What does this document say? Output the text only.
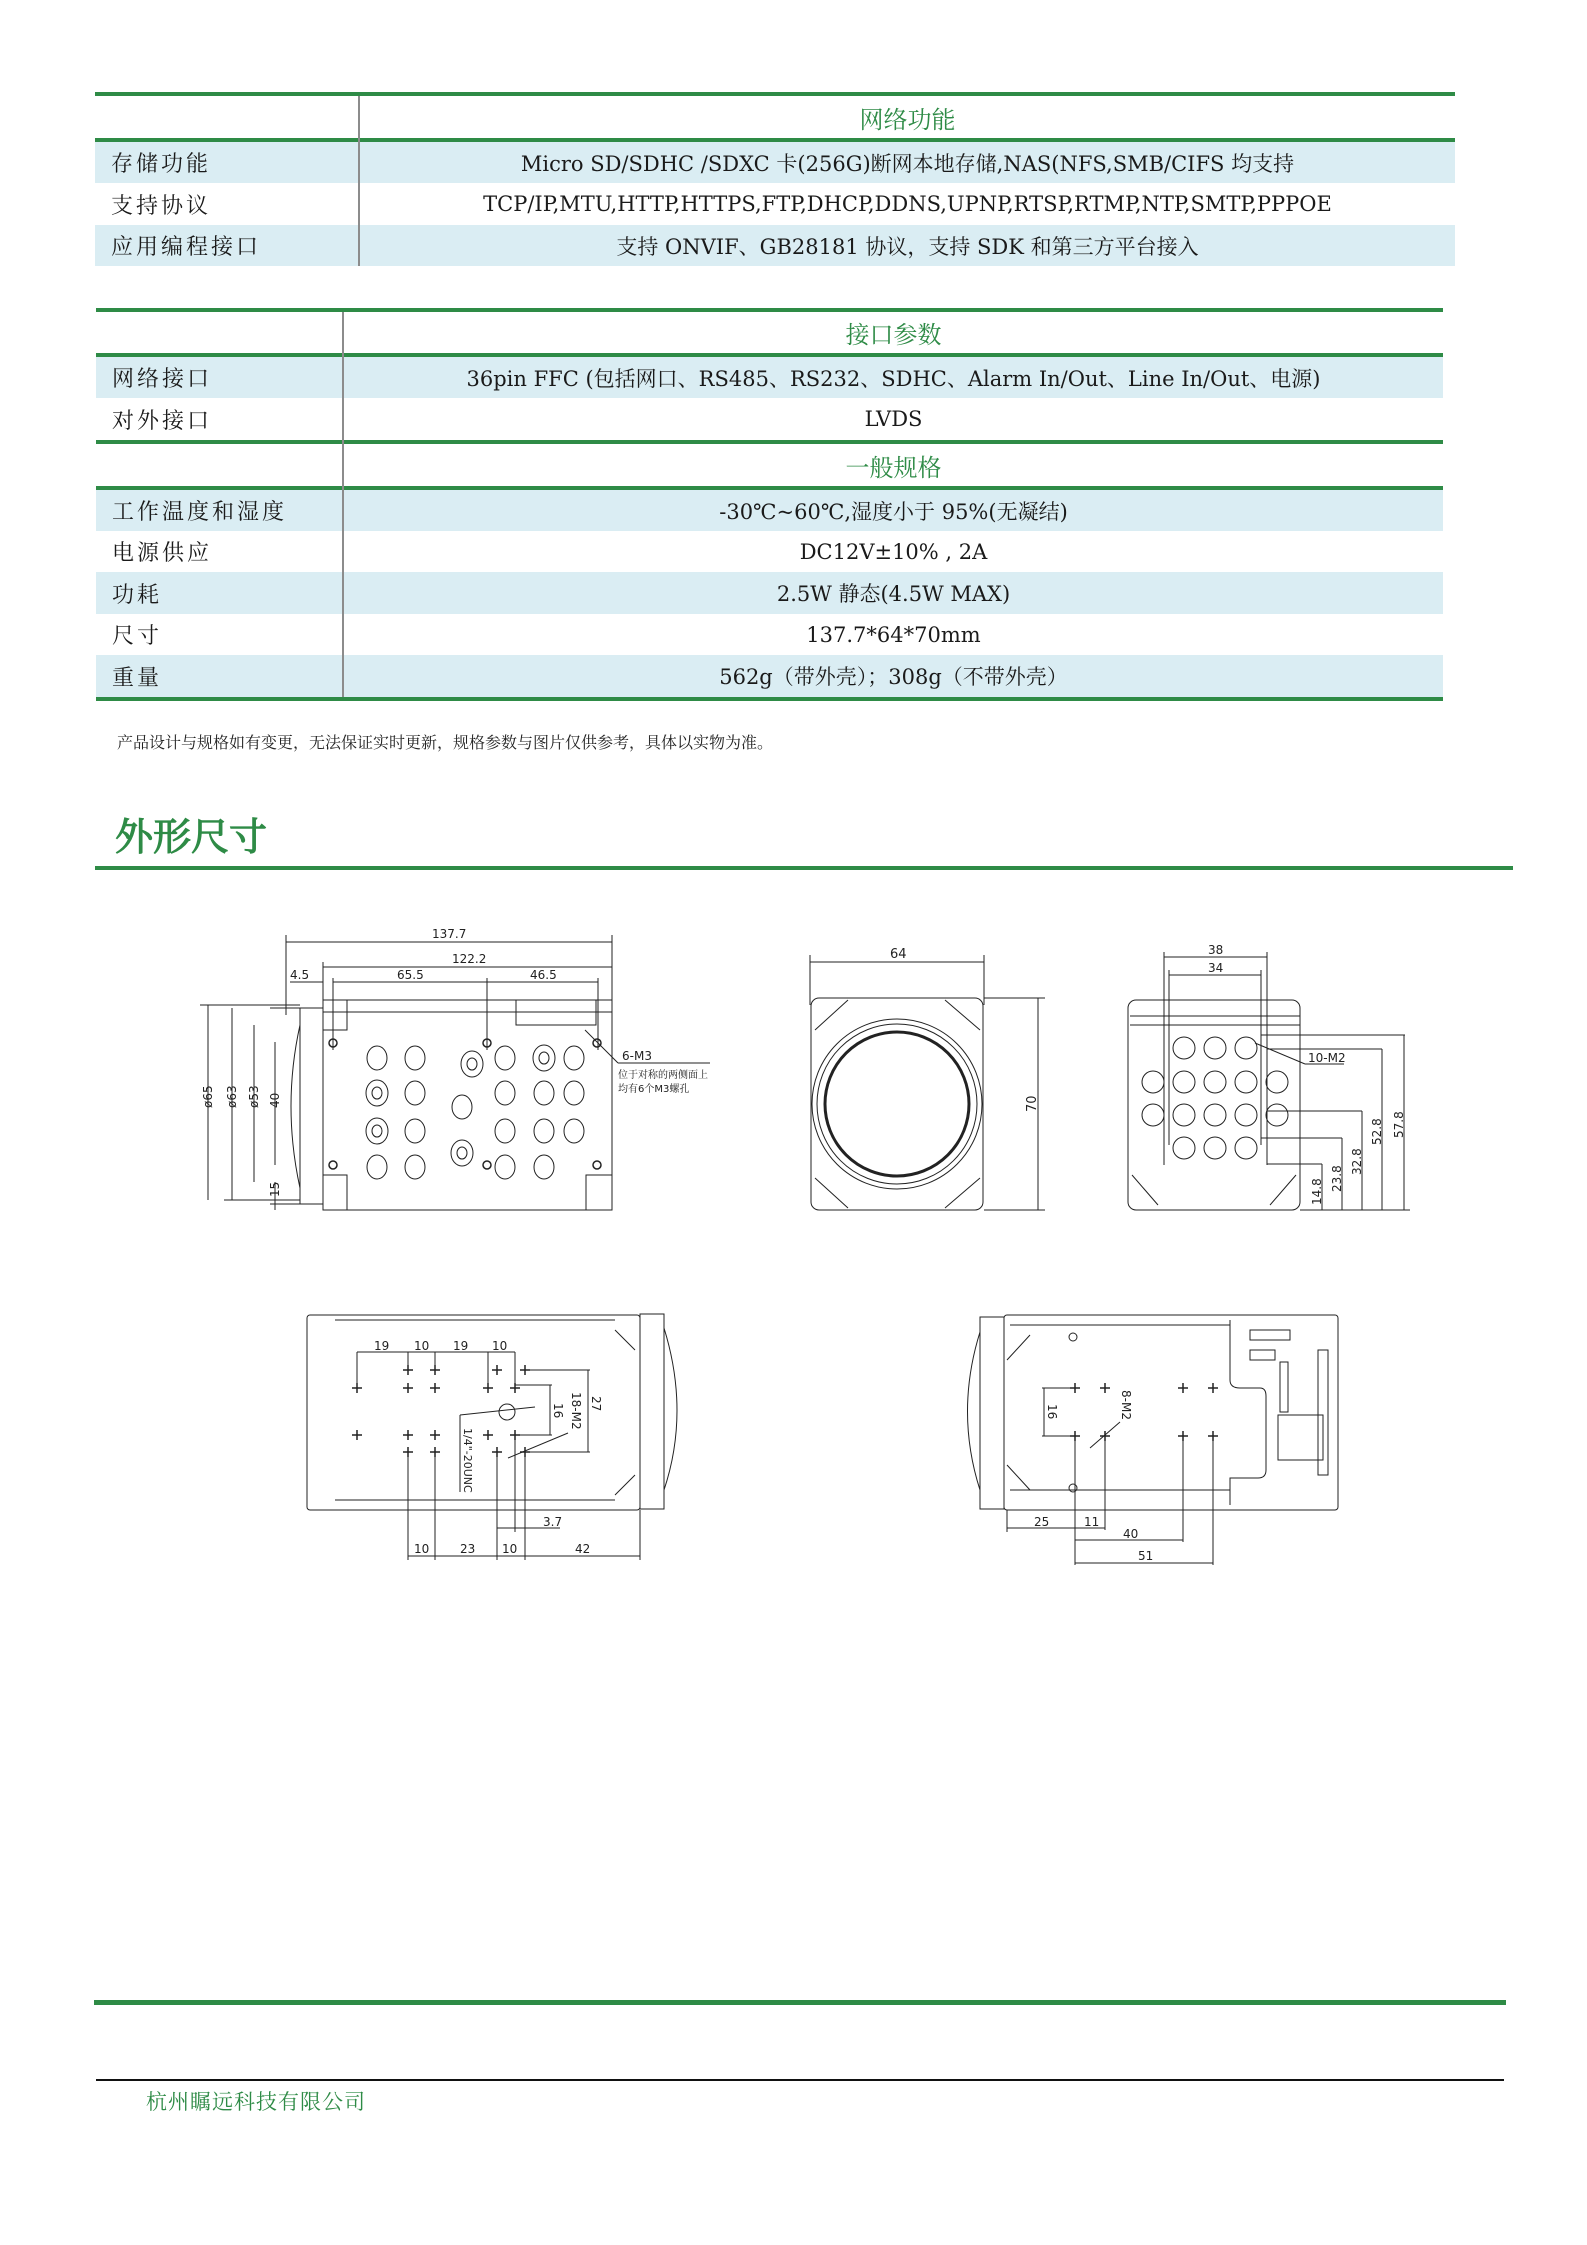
网络功能
存储功能	Micro SD/SDHC /SDXC 卡(256G)断网本地存储,NAS(NFS,SMB/CIFS 均支持
支持协议	TCP/IP,MTU,HTTP,HTTPS,FTP,DHCP,DDNS,UPNP,RTSP,RTMP,NTP,SMTP,PPPOE
应用编程接口	支持 ONVIF、GB28181 协议，支持 SDK 和第三方平台接入
接口参数
网络接口	36pin FFC (包括网口、RS485、RS232、SDHC、Alarm In/Out、Line In/Out、电源)
对外接口	LVDS
一般规格
工作温度和湿度	-30℃~60℃,湿度小于 95%(无凝结)
电源供应	DC12V±10% , 2A
功耗	2.5W 静态(4.5W MAX)
尺寸	137.7*64*70mm
重量	562g（带外壳）；308g（不带外壳）
产品设计与规格如有变更，无法保证实时更新，规格参数与图片仅供参考，具体以实物为准。
外形尺寸
137.7
122.2
4.5	65.5	46.5
6-M3
位于对称的两侧面上
均有6个M3螺孔
ø65 ø63 ø53 40
15
64
70
38
34
10-M2
57.8
52.8
32.8
23.8
14.8
19 10 19 10
27
16 18-M2
1/4"-20UNC
3.7
10	23 10	42
16	8-M2
25	11
40
51
杭州瞩远科技有限公司
